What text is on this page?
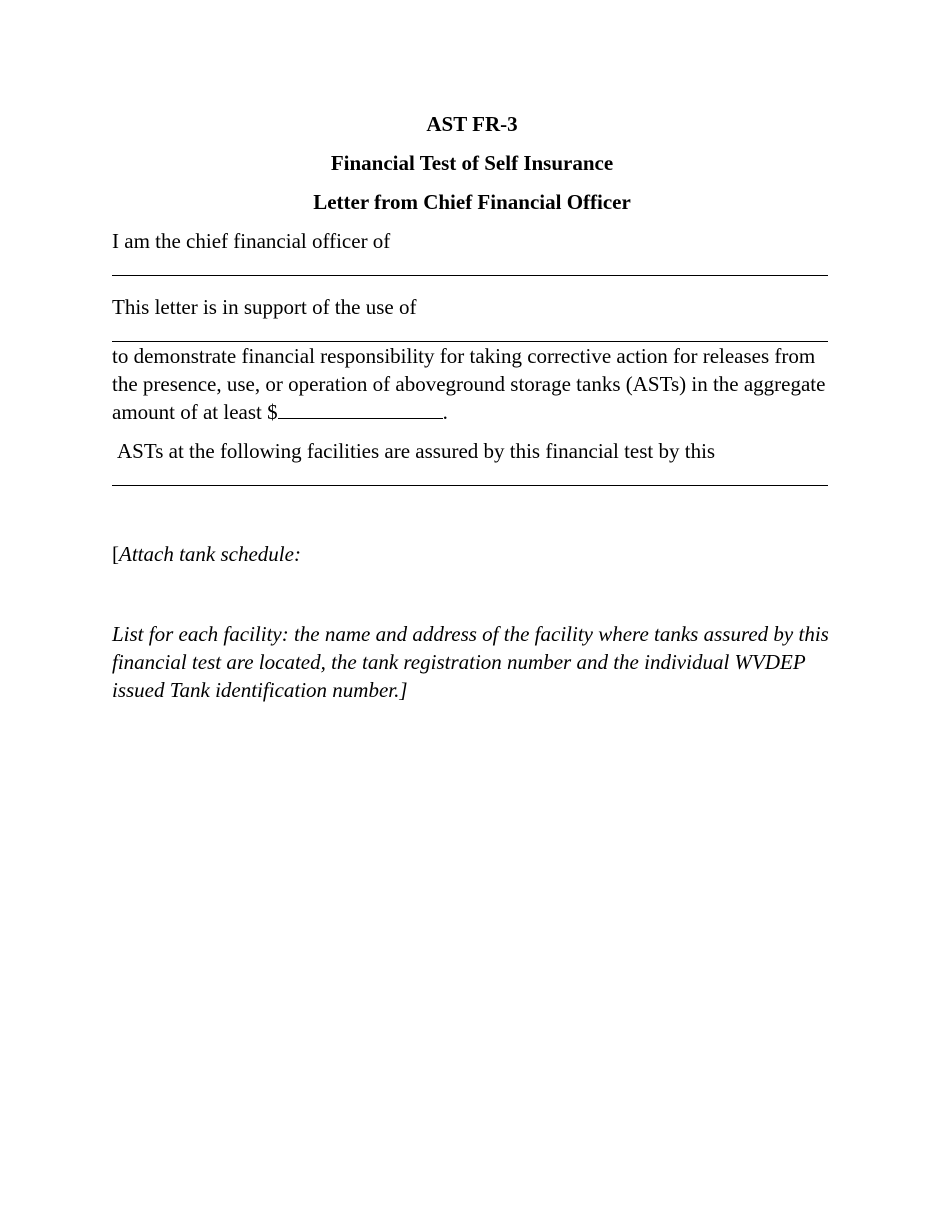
AST FR-3

Financial Test of Self Insurance

Letter from Chief Financial Officer

I am the chief financial officer of

This letter is in support of the use of

to demonstrate financial responsibility for taking corrective action for releases from the presence, use, or operation of aboveground storage tanks (ASTs) in the aggregate amount of at least $	.

ASTs at the following facilities are assured by this financial test by this

[Attach tank schedule:

List for each facility: the name and address of the facility where tanks assured by this financial test are located, the tank registration number and the individual WVDEP issued Tank identification number.]
